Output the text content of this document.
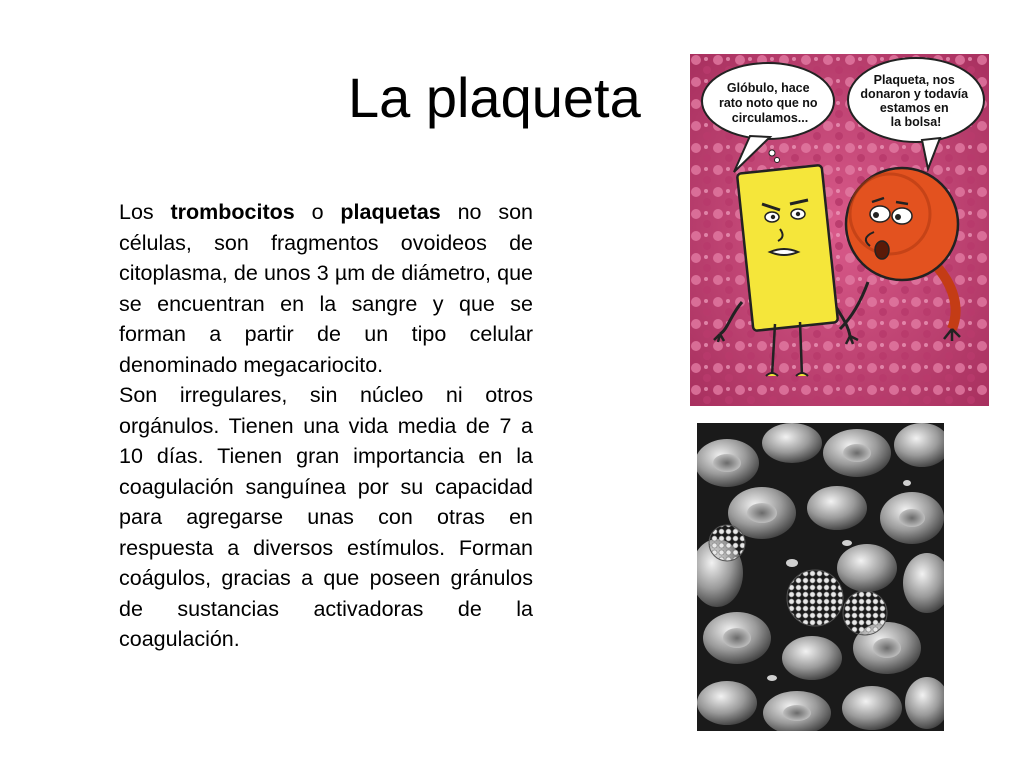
La plaqueta

Los trombocitos o plaquetas no son células, son fragmentos ovoideos de citoplasma, de unos 3 µm de diámetro, que se encuentran en la sangre y que se forman a partir de un tipo celular denominado megacariocito.

Son irregulares, sin núcleo ni otros orgánulos. Tienen una vida media de 7 a 10 días. Tienen gran importancia en la coagulación sanguínea por su capacidad para agregarse unas con otras en respuesta a diversos estímulos. Forman coágulos, gracias a que poseen gránulos de sustancias activadoras de la coagulación.

Glóbulo, hace rato noto que no circulamos...
Plaqueta, nos donaron y todavía estamos en la bolsa!
